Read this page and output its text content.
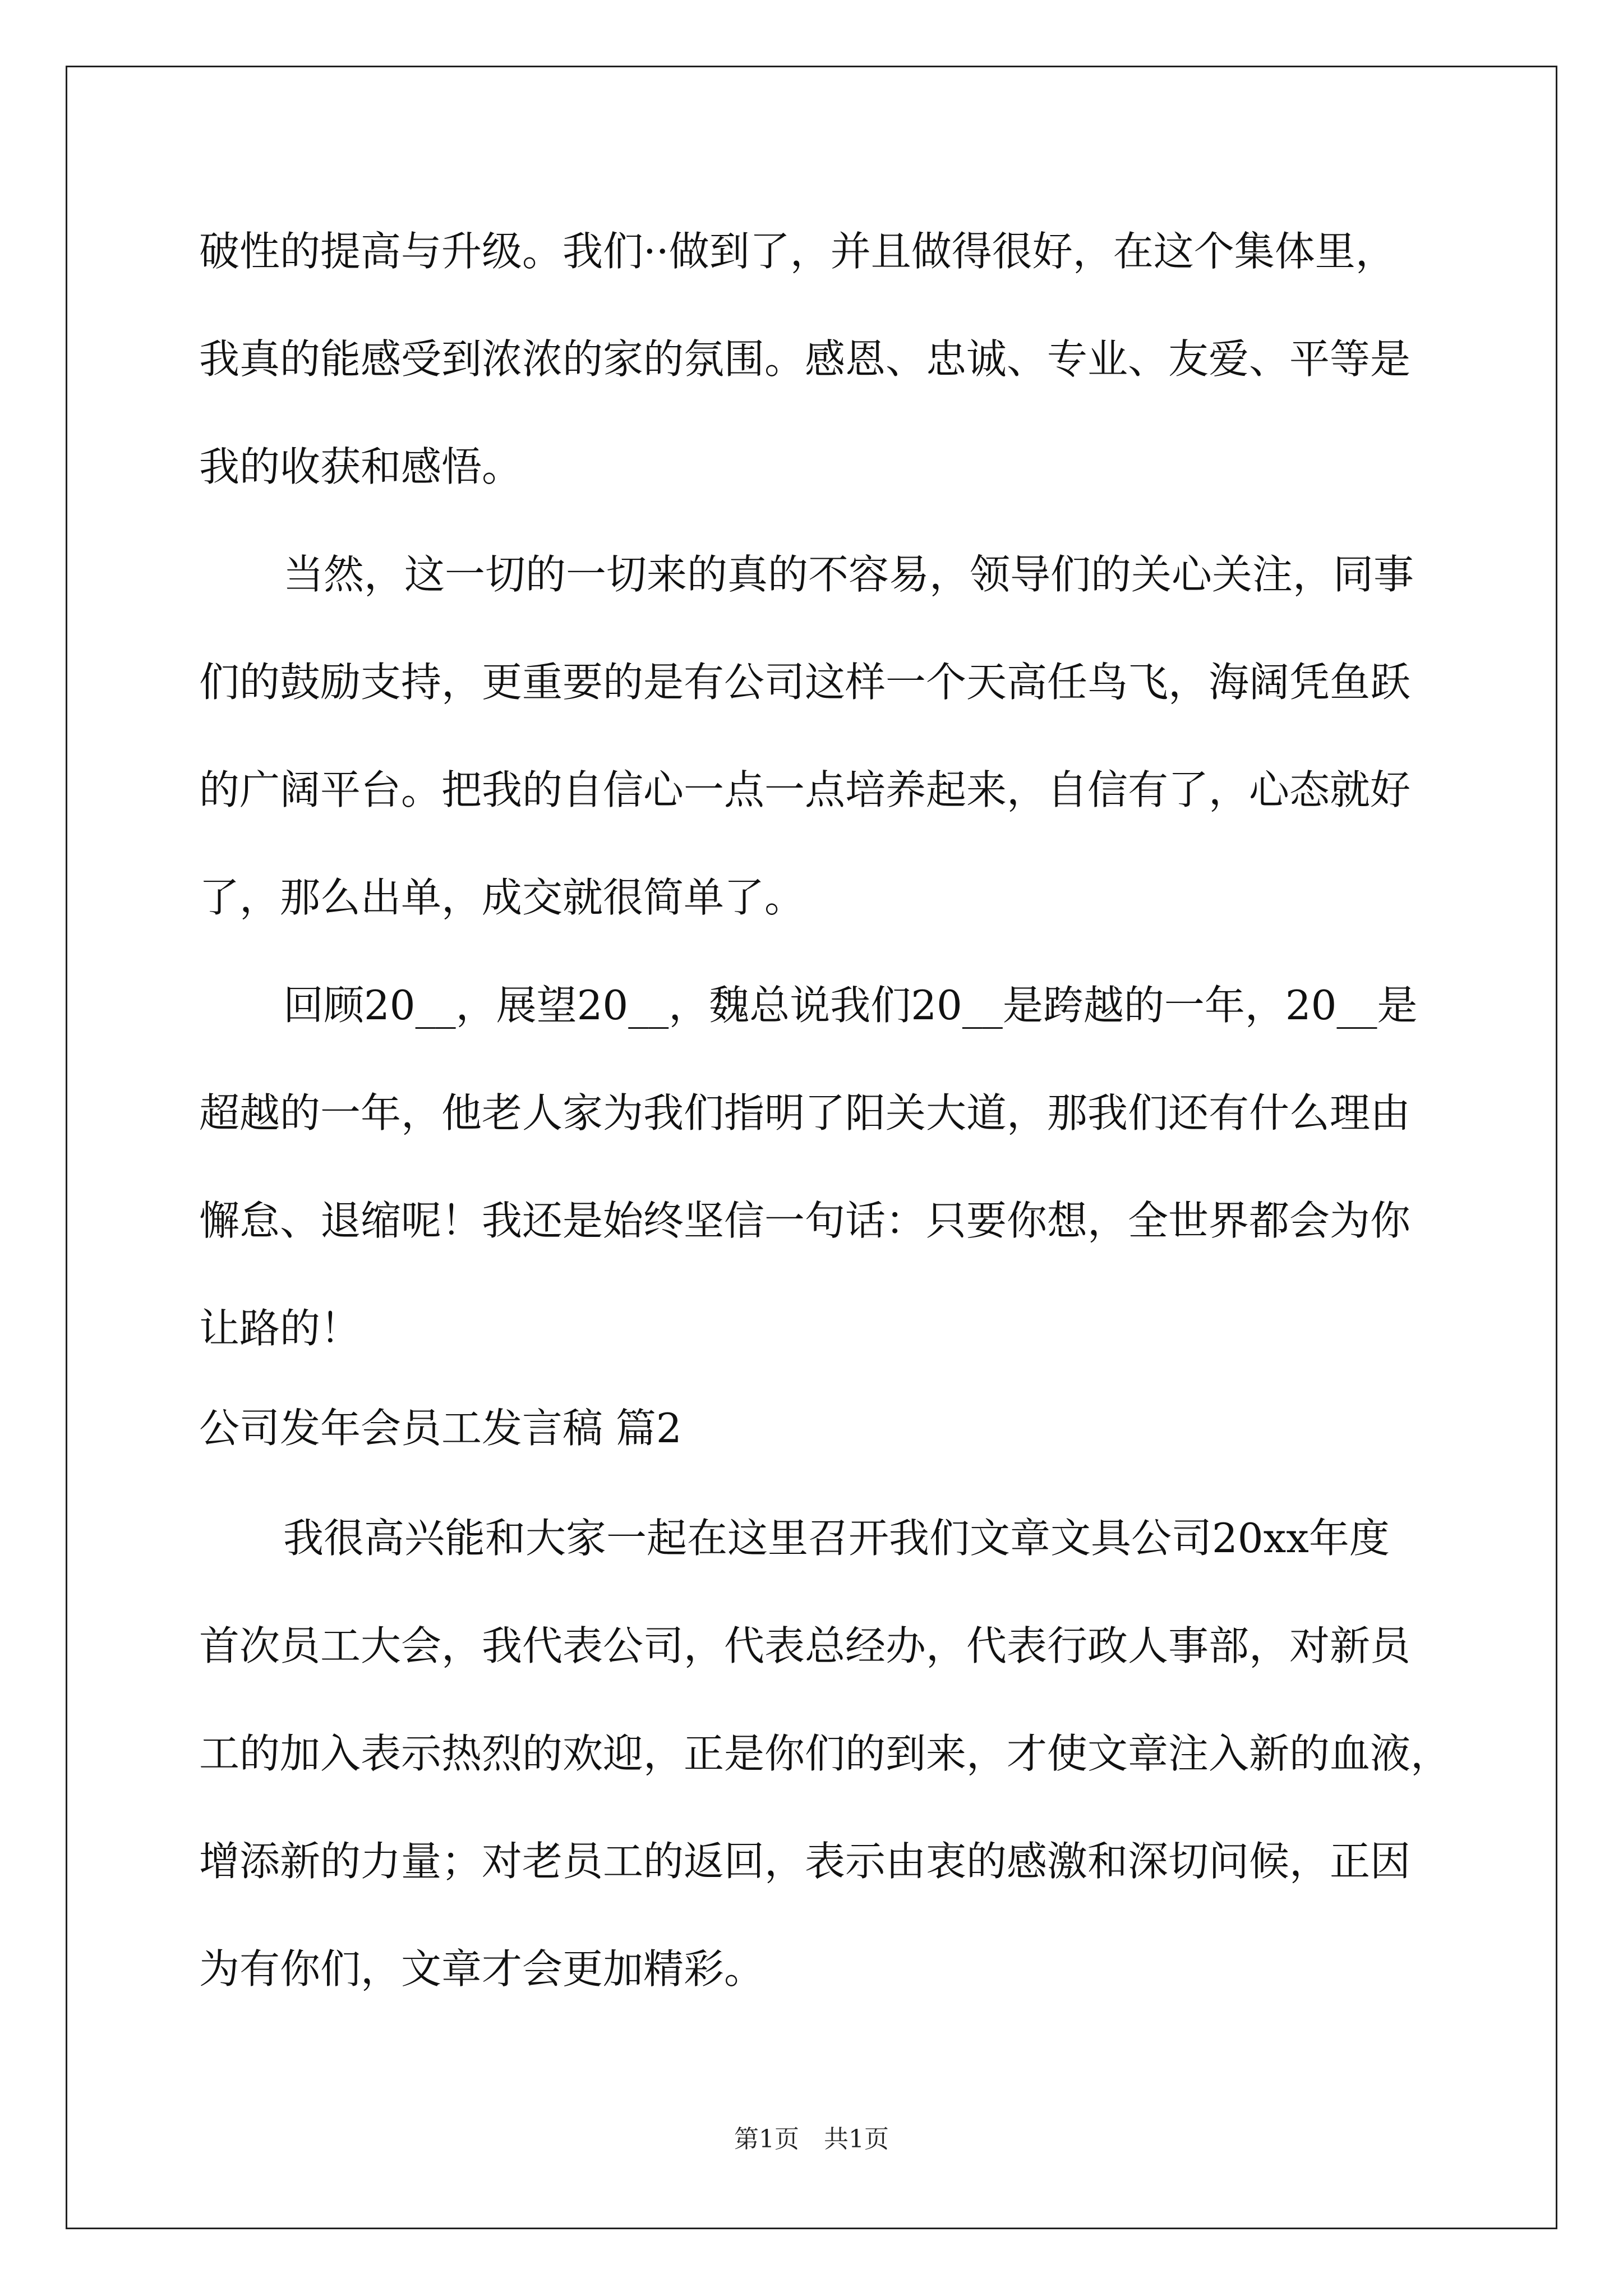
破性的提高与升级。我们··做到了，并且做得很好，在这个集体里，

我真的能感受到浓浓的家的氛围。感恩、忠诚、专业、友爱、平等是

我的收获和感悟。

当然，这一切的一切来的真的不容易，领导们的关心关注，同事

们的鼓励支持，更重要的是有公司这样一个天高任鸟飞，海阔凭鱼跃

的广阔平台。把我的自信心一点一点培养起来，自信有了，心态就好

了，那么出单，成交就很简单了。

回顾20__，展望20__，魏总说我们20__是跨越的一年，20__是

超越的一年，他老人家为我们指明了阳关大道，那我们还有什么理由

懈怠、退缩呢！我还是始终坚信一句话：只要你想，全世界都会为你

让路的！

公司发年会员工发言稿 篇2

我很高兴能和大家一起在这里召开我们文章文具公司20xx年度

首次员工大会，我代表公司，代表总经办，代表行政人事部，对新员

工的加入表示热烈的欢迎，正是你们的到来，才使文章注入新的血液，

增添新的力量；对老员工的返回，表示由衷的感激和深切问候，正因

为有你们，文章才会更加精彩。

第1页　共1页
